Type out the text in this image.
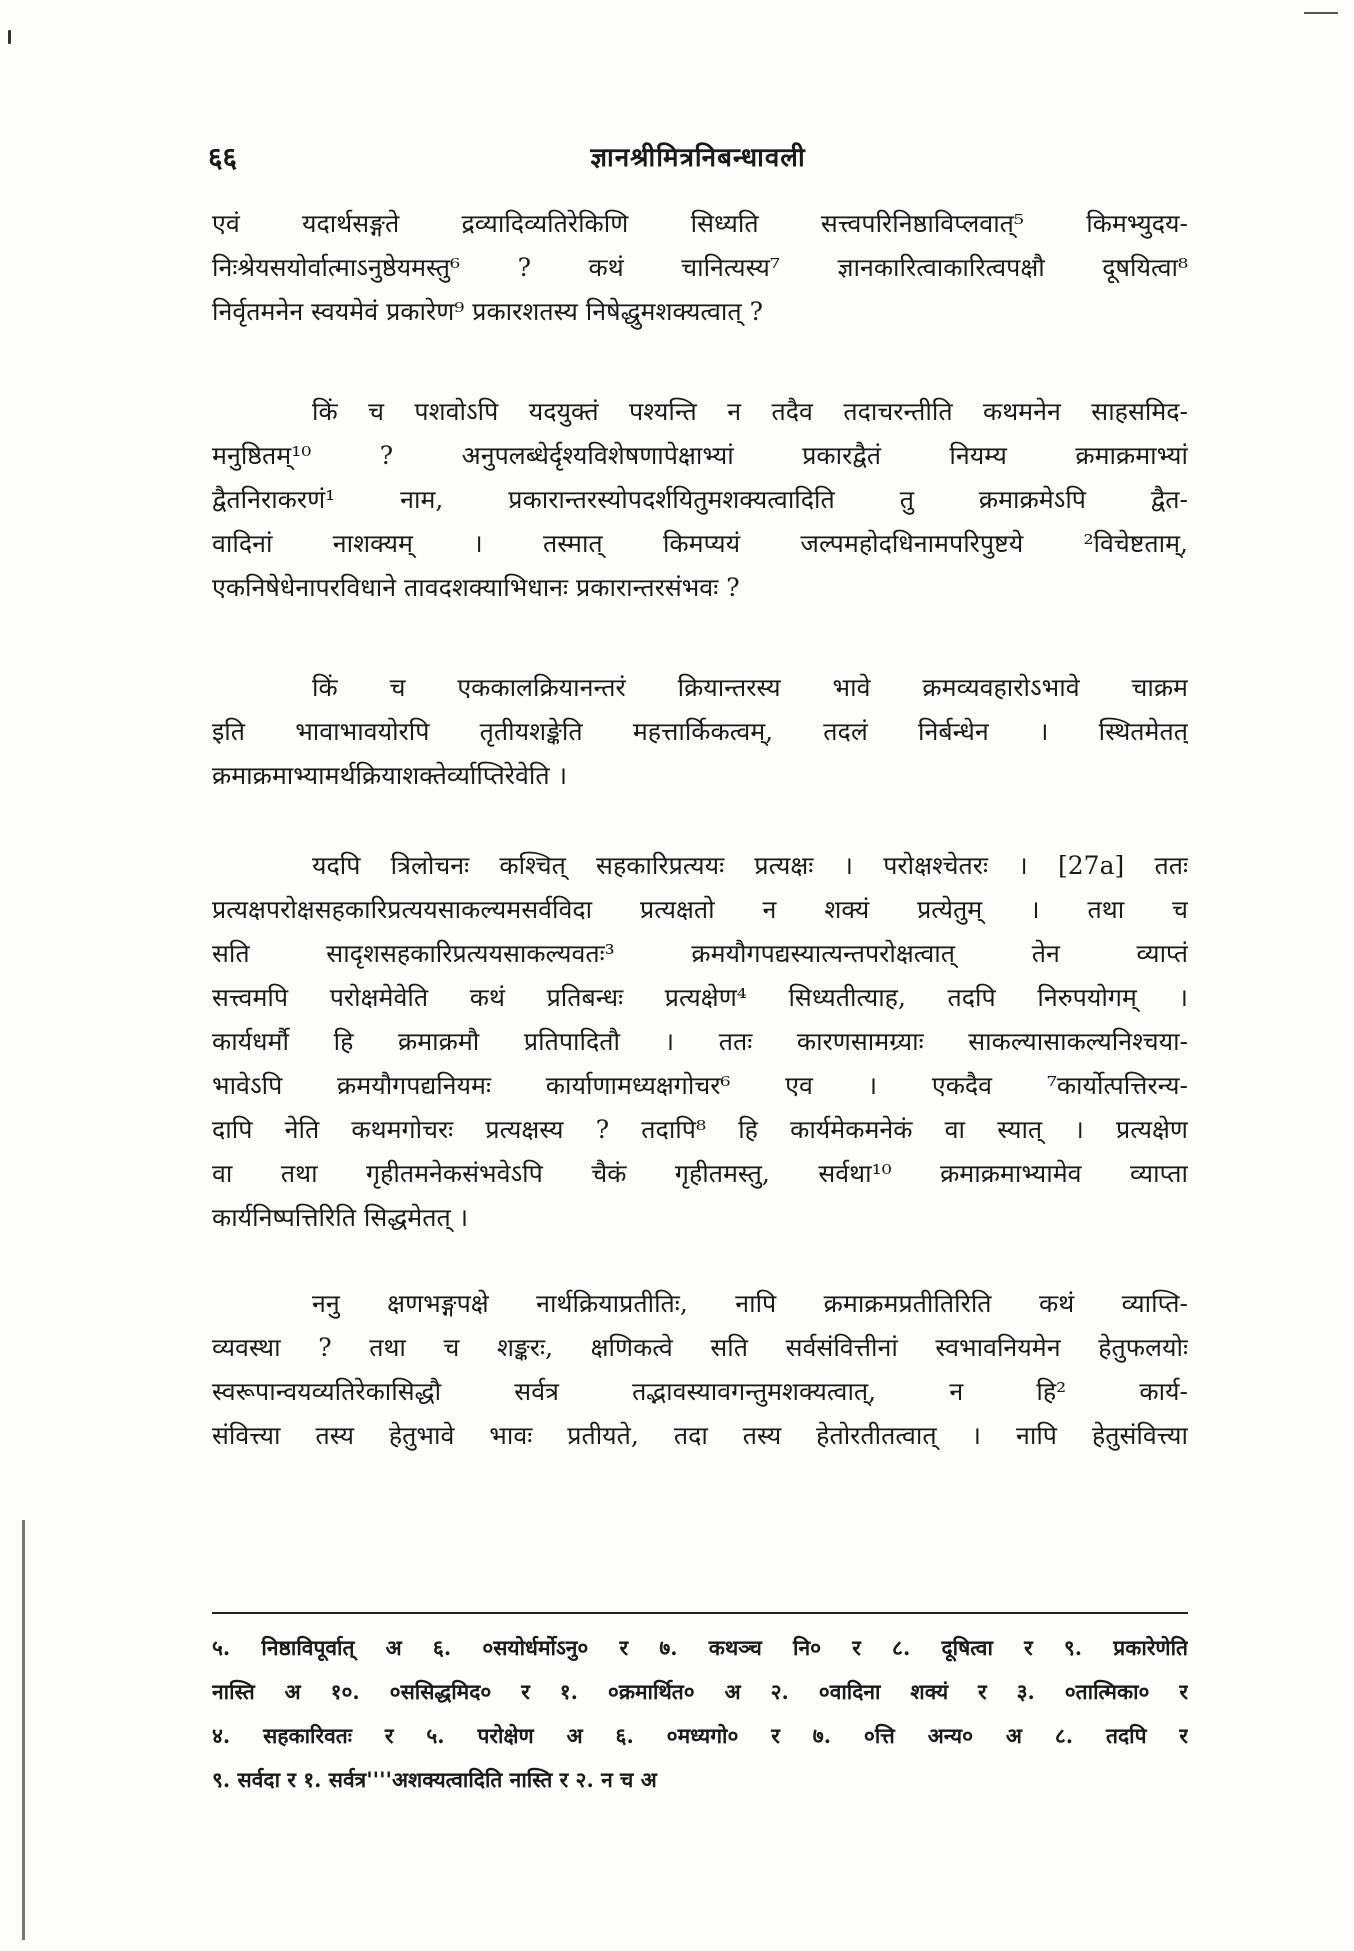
६६	ज्ञानश्रीमित्रनिबन्धावली
एवं यदार्थसङ्गते द्रव्यादिव्यतिरेकिणि सिध्यति सत्त्वपरिनिष्ठाविप्लवात्⁵ किमभ्युदय-
निःश्रेयसयोर्वात्माऽनुष्ठेयमस्तु⁶ ? कथं चानित्यस्य⁷ ज्ञानकारित्वाकारित्वपक्षौ दूषयित्वा⁸
निर्वृतमनेन स्वयमेवं प्रकारेण⁹ प्रकारशतस्य निषेद्धुमशक्यत्वात् ?
किं च पशवोऽपि यदयुक्तं पश्यन्ति न तदैव तदाचरन्तीति कथमनेन साहसमिद-
मनुष्ठितम्¹⁰ ? अनुपलब्धेर्दृश्यविशेषणापेक्षाभ्यां प्रकारद्वैतं नियम्य क्रमाक्रमाभ्यां
द्वैतनिराकरणं¹ नाम, प्रकारान्तरस्योपदर्शयितुमशक्यत्वादिति तु क्रमाक्रमेऽपि द्वैत-
वादिनां नाशक्यम् । तस्मात् किमप्ययं जल्पमहोदधिनामपरिपुष्टये ²विचेष्टताम्,
एकनिषेधेनापरविधाने तावदशक्याभिधानः प्रकारान्तरसंभवः ?
किं च एककालक्रियानन्तरं क्रियान्तरस्य भावे क्रमव्यवहारोऽभावे चाक्रम
इति भावाभावयोरपि तृतीयशङ्केति महत्तार्किकत्वम्, तदलं निर्बन्धेन । स्थितमेतत्
क्रमाक्रमाभ्यामर्थक्रियाशक्तेर्व्याप्तिरेवेति ।
यदपि त्रिलोचनः कश्चित् सहकारिप्रत्ययः प्रत्यक्षः । परोक्षश्चेतरः । [27a] ततः
प्रत्यक्षपरोक्षसहकारिप्रत्ययसाकल्यमसर्वविदा प्रत्यक्षतो न शक्यं प्रत्येतुम् । तथा च
सति सादृशसहकारिप्रत्ययसाकल्यवतः³ क्रमयौगपद्यस्यात्यन्तपरोक्षत्वात् तेन व्याप्तं
सत्त्वमपि परोक्षमेवेति कथं प्रतिबन्धः प्रत्यक्षेण⁴ सिध्यतीत्याह, तदपि निरुपयोगम् ।
कार्यधर्मौ हि क्रमाक्रमौ प्रतिपादितौ । ततः कारणसामग्र्याः साकल्यासाकल्यनिश्चया-
भावेऽपि क्रमयौगपद्यनियमः कार्याणामध्यक्षगोचर⁶ एव । एकदैव ⁷कार्योत्पत्तिरन्य-
दापि नेति कथमगोचरः प्रत्यक्षस्य ? तदापि⁸ हि कार्यमेकमनेकं वा स्यात् । प्रत्यक्षेण
वा तथा गृहीतमनेकसंभवेऽपि चैकं गृहीतमस्तु, सर्वथा¹⁰ क्रमाक्रमाभ्यामेव व्याप्ता
कार्यनिष्पत्तिरिति सिद्धमेतत् ।
ननु क्षणभङ्गपक्षे नार्थक्रियाप्रतीतिः, नापि क्रमाक्रमप्रतीतिरिति कथं व्याप्ति-
व्यवस्था ? तथा च शङ्करः, क्षणिकत्वे सति सर्वसंवित्तीनां स्वभावनियमेन हेतुफलयोः
स्वरूपान्वयव्यतिरेकासिद्धौ सर्वत्र तद्भावस्यावगन्तुमशक्यत्वात्, न हि² कार्य-
संवित्त्या तस्य हेतुभावे भावः प्रतीयते, तदा तस्य हेतोरतीतत्वात् । नापि हेतुसंवित्त्या
५. निष्ठाविपूर्वात् अ ६. ०सयोर्धर्मोऽनु० र ७. कथञ्च नि० र ८. दूषित्वा र ९. प्रकारेणेति
नास्ति अ १०. ०ससिद्धमिद० र १. ०क्रमार्थित० अ २. ०वादिना शक्यं र ३. ०तात्मिका० र
४. सहकारिवतः र ५. परोक्षेण अ ६. ०मध्यगो० र ७. ०त्ति अन्य० अ ८. तदपि र
९. सर्वदा र १. सर्वत्र''''अशक्यत्वादिति नास्ति र २. न च अ
